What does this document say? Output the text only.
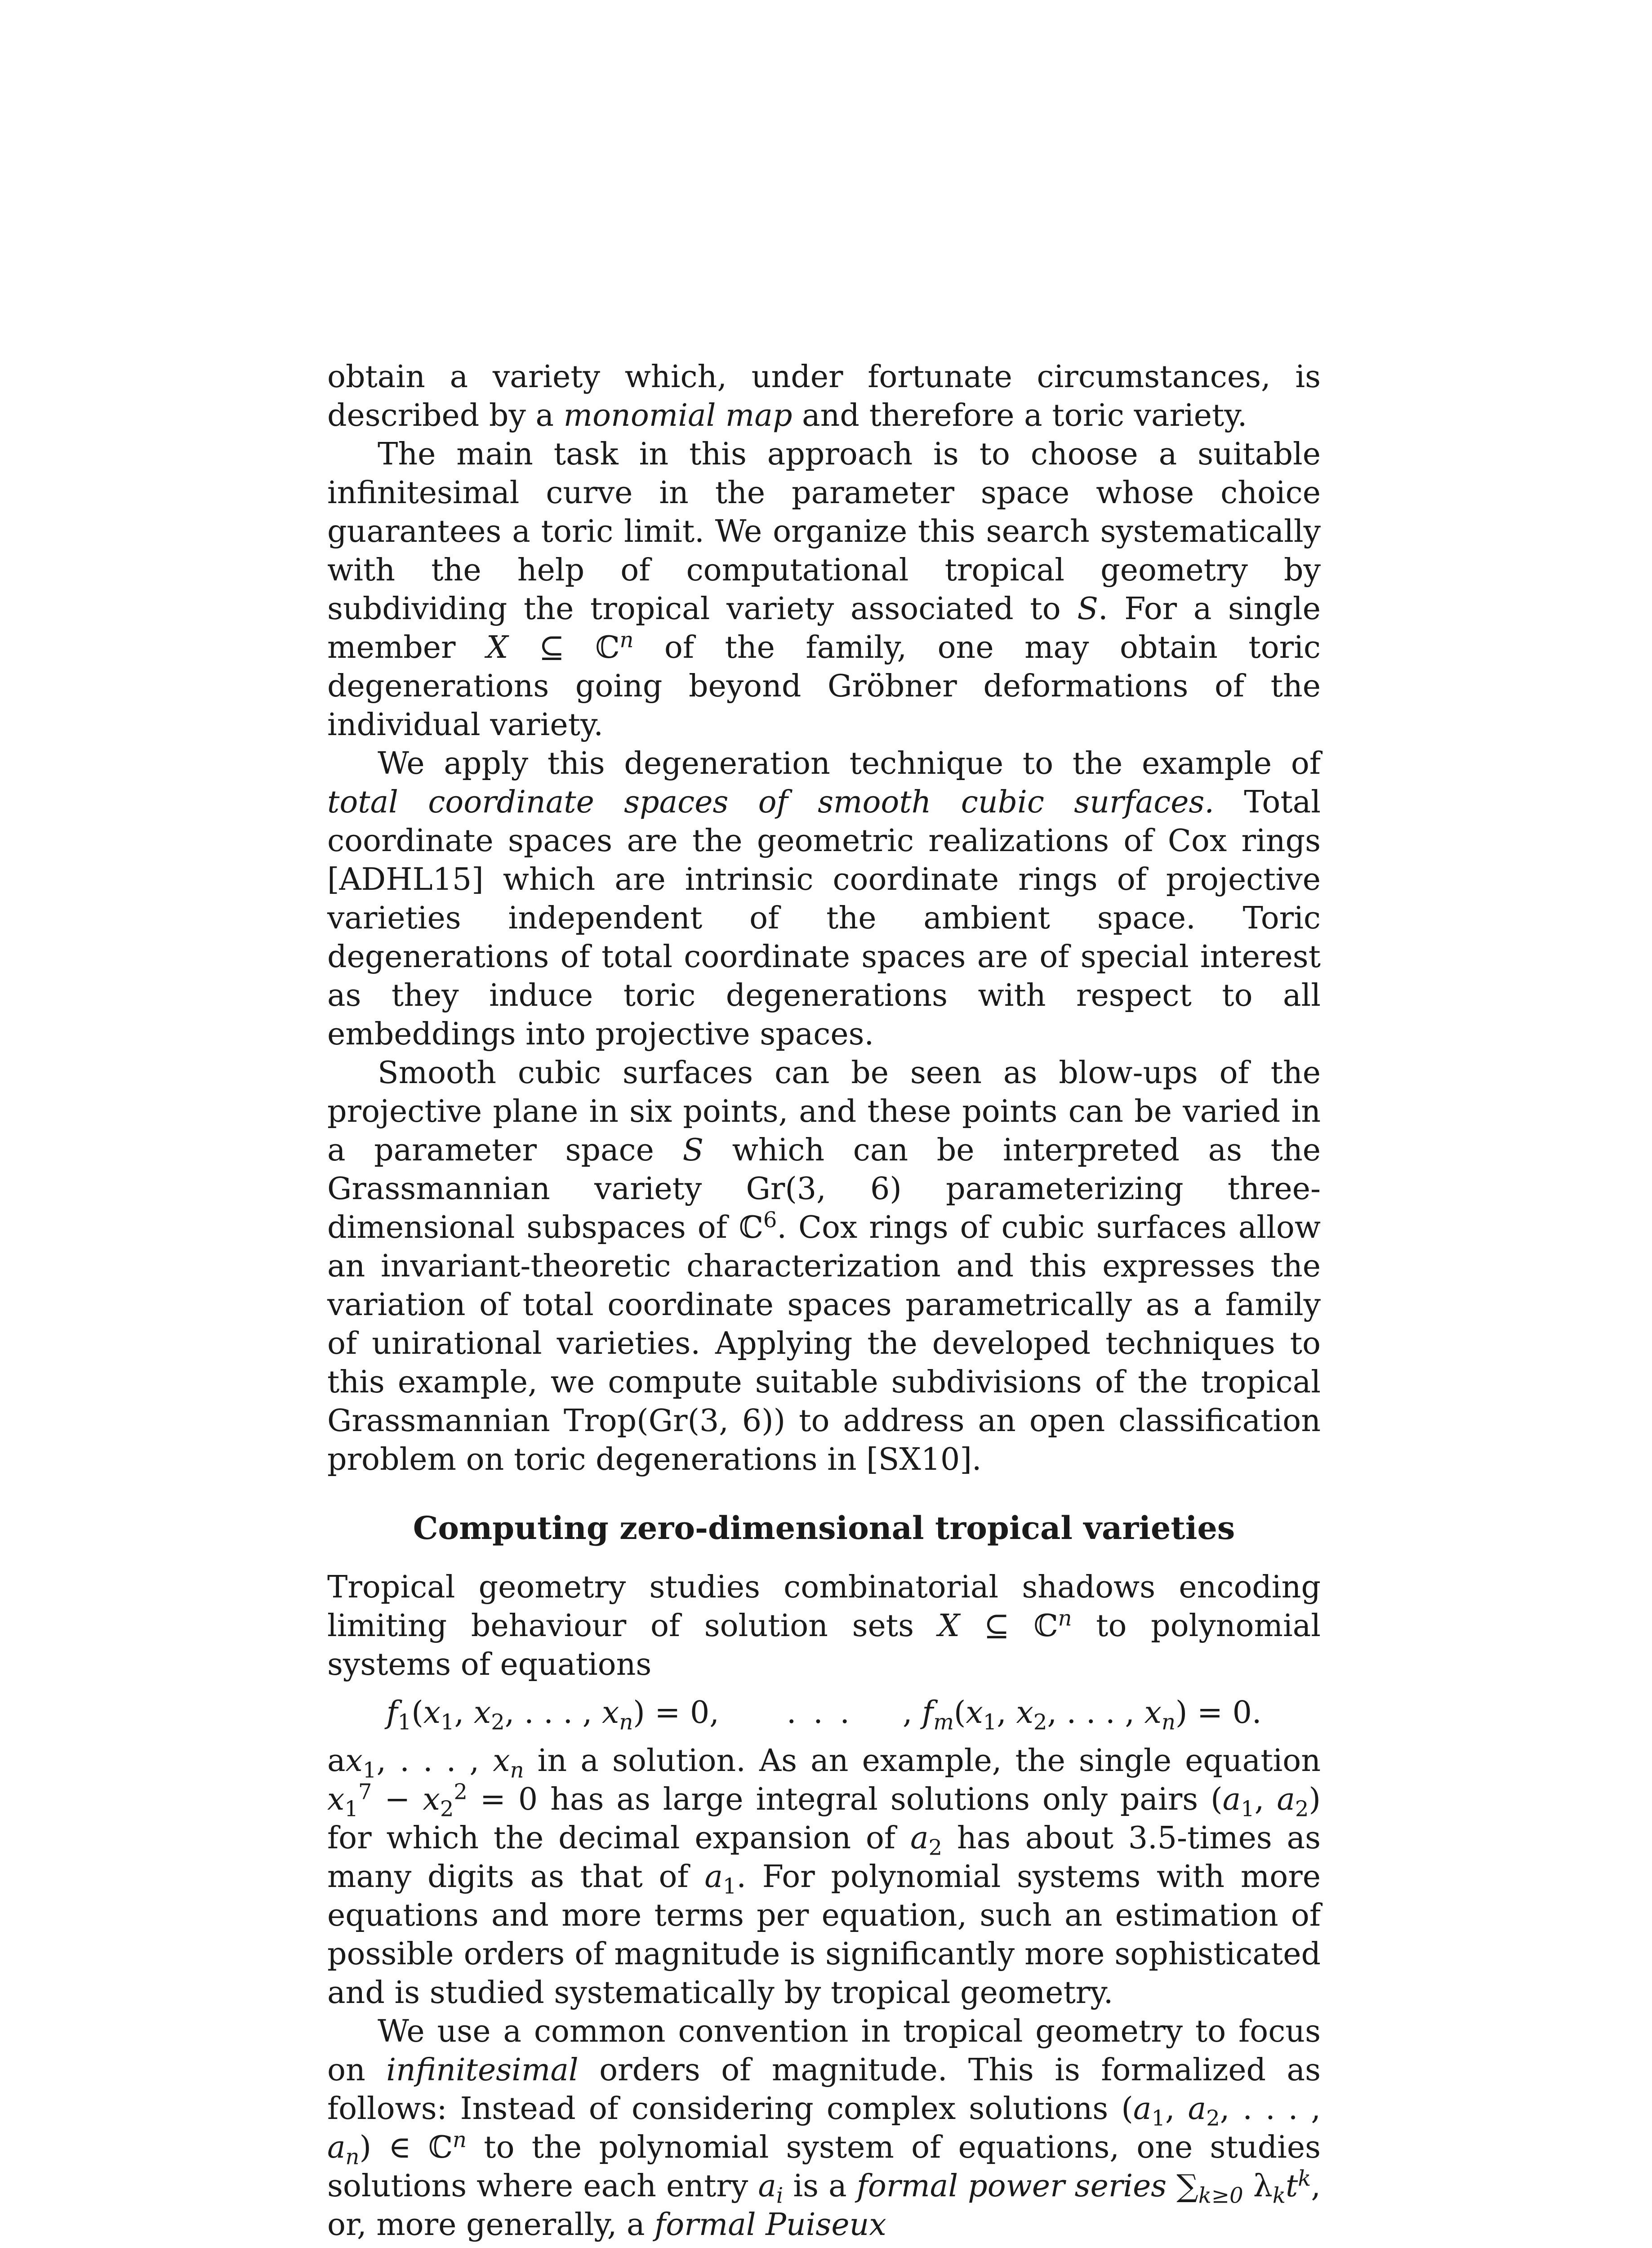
obtain a variety which, under fortunate circumstances, is described by a monomial map and therefore a toric variety.

The main task in this approach is to choose a suitable infinitesimal curve in the parameter space whose choice guarantees a toric limit. We organize this search systematically with the help of computational tropical geometry by subdividing the tropical variety associated to S. For a single member X ⊆ ℂ$^n$ of the family, one may obtain toric degenerations going beyond Gröbner deformations of the individual variety.

We apply this degeneration technique to the example of total coordinate spaces of smooth cubic surfaces. Total coordinate spaces are the geometric realizations of Cox rings [ADHL15] which are intrinsic coordinate rings of projective varieties independent of the ambient space. Toric degenerations of total coordinate spaces are of special interest as they induce toric degenerations with respect to all embeddings into projective spaces.

Smooth cubic surfaces can be seen as blow-ups of the projective plane in six points, and these points can be varied in a parameter space S which can be interpreted as the Grassmannian variety Gr(3, 6) parameterizing three-dimensional subspaces of ℂ$^6$. Cox rings of cubic surfaces allow an invariant-theoretic characterization and this expresses the variation of total coordinate spaces parametrically as a family of unirational varieties. Applying the developed techniques to this example, we compute suitable subdivisions of the tropical Grassmannian Trop(Gr(3, 6)) to address an open classification problem on toric degenerations in [SX10].

Computing zero-dimensional tropical varieties

Tropical geometry studies combinatorial shadows encoding limiting behaviour of solution sets X ⊆ ℂ$^n$ to polynomial systems of equations

$f_1(x_1$, $x_2$, . . . , $x_n) = 0$, . . . , $f_m(x_1$, $x_2$, . . . , $x_n) = 0$.

$ax_1$, . . . , $x_n$ in a solution. As an example, the single equation $x_1^7 - x_2^2 = 0$ has as large integral solutions only pairs ($a_1$, $a_2$) for which the decimal expansion of $a_2$ has about 3.5-times as many digits as that of $a_1$. For polynomial systems with more equations and more terms per equation, such an estimation of possible orders of magnitude is significantly more sophisticated and is studied systematically by tropical geometry.

We use a common convention in tropical geometry to focus on infinitesimal orders of magnitude. This is formalized as follows: Instead of considering complex solutions ($a_1$, $a_2$, . . . , $a_n$) ∈ ℂ$^n$ to the polynomial system of equations, one studies solutions where each entry $a_i$ is a formal power series $\sum_{k\ge 0}$ $\lambda_kt^k$, or, more generally, a formal Puiseux
